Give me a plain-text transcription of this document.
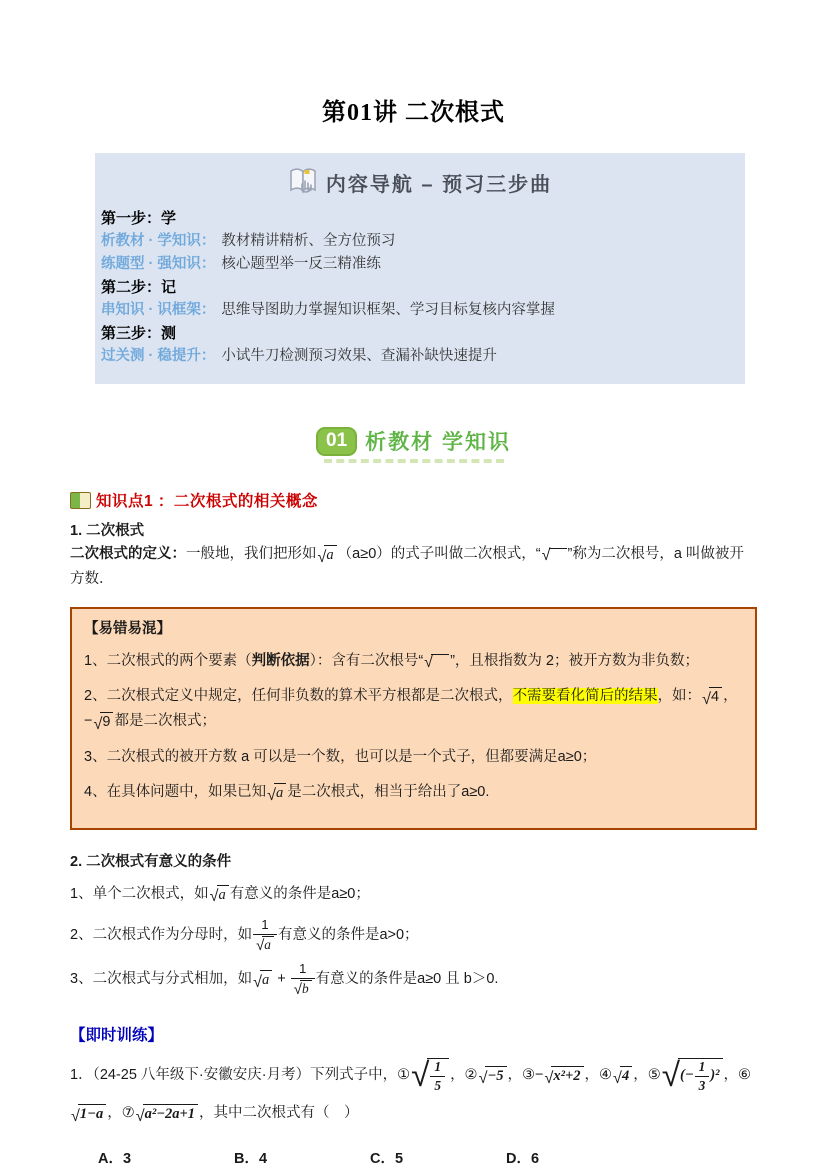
第01讲 二次根式
内容导航 – 预习三步曲
第一步：学
析教材 · 学知识： 教材精讲精析、全方位预习
练题型 · 强知识： 核心题型举一反三精准练
第二步：记
串知识 · 识框架： 思维导图助力掌握知识框架、学习目标复核内容掌握
第三步：测
过关测 · 稳提升： 小试牛刀检测预习效果、查漏补缺快速提升
01 析教材 学知识
知识点1 ：二次根式的相关概念
1. 二次根式
二次根式的定义：一般地，我们把形如 √ a （a≥0）的式子叫做二次根式，“ √ ”称为二次根号，a 叫做被开方数．
【易错易混】
1、二次根式的两个要素（判断依据）：含有二次根号“ √ ”，且根指数为 2；被开方数为非负数；
2、二次根式定义中规定，任何非负数的算术平方根都是二次根式，不需要看化简后的结果，如： √ 4 ，− √ 9 都是二次根式；
3、二次根式的被开方数 a 可以是一个数，也可以是一个式子，但都要满足a≥0；
4、在具体问题中，如果已知 √ a 是二次根式，相当于给出了a≥0.
2. 二次根式有意义的条件
1、单个二次根式，如 √ a 有意义的条件是a≥0；
2、二次根式作为分母时，如 1
√ a 有意义的条件是a>0；
3、二次根式与分式相加，如 √ a + 1
√ b 有意义的条件是a≥0 且 b＞0.
【即时训练】
1．（24-25 八年级下·安徽安庆·月考）下列式子中，① √ $\frac{1}{5}$ ，② √ −5 ，③− √ x²+2 ，④ √ 4 ，⑤ √ (− $\frac{1}{3} )^2$ ，⑥
√ 1−a ，⑦ √ a²−2a+1 ，其中二次根式有（　）
A．3	B．4	C．5	D．6
